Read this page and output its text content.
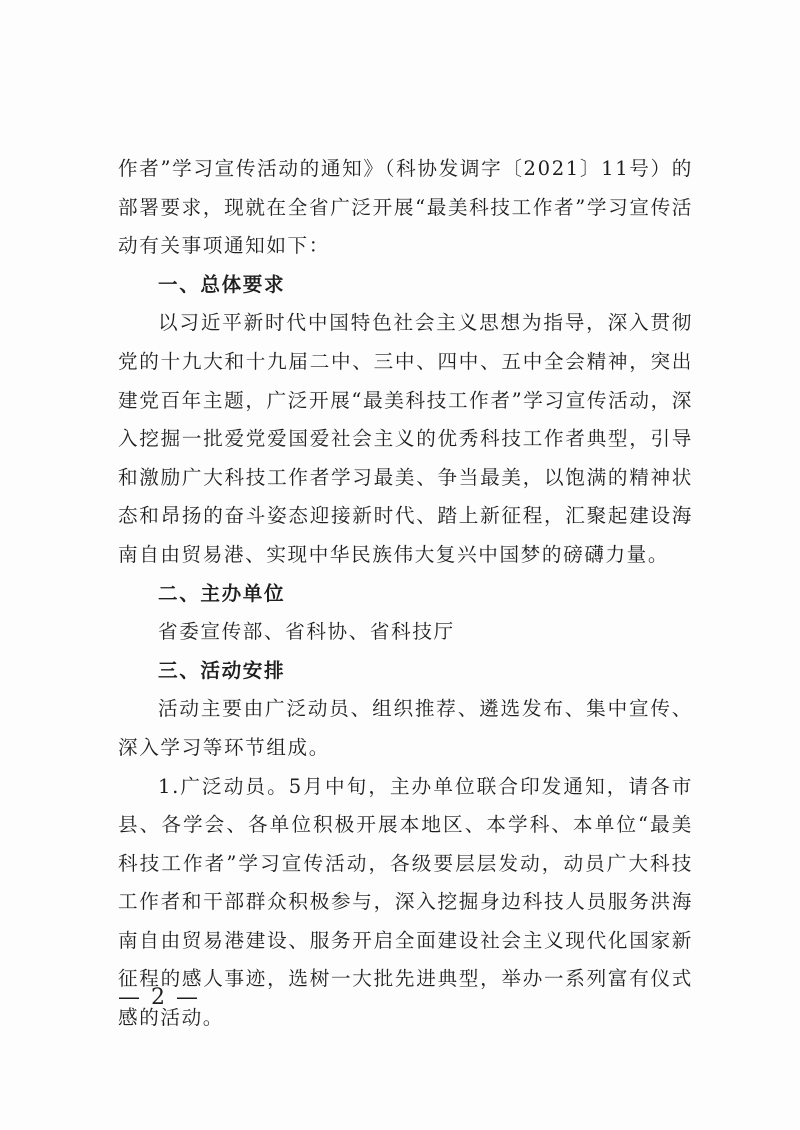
作者”学习宣传活动的通知》（科协发调字〔2021〕11号）的部署要求，现就在全省广泛开展“最美科技工作者”学习宣传活动有关事项通知如下：

一、总体要求

以习近平新时代中国特色社会主义思想为指导，深入贯彻党的十九大和十九届二中、三中、四中、五中全会精神，突出建党百年主题，广泛开展“最美科技工作者”学习宣传活动，深入挖掘一批爱党爱国爱社会主义的优秀科技工作者典型，引导和激励广大科技工作者学习最美、争当最美，以饱满的精神状态和昂扬的奋斗姿态迎接新时代、踏上新征程，汇聚起建设海南自由贸易港、实现中华民族伟大复兴中国梦的磅礴力量。

二、主办单位

省委宣传部、省科协、省科技厅

三、活动安排

活动主要由广泛动员、组织推荐、遴选发布、集中宣传、深入学习等环节组成。

1.广泛动员。5月中旬，主办单位联合印发通知，请各市县、各学会、各单位积极开展本地区、本学科、本单位“最美科技工作者”学习宣传活动，各级要层层发动，动员广大科技工作者和干部群众积极参与，深入挖掘身边科技人员服务洪海南自由贸易港建设、服务开启全面建设社会主义现代化国家新征程的感人事迹，选树一大批先进典型，举办一系列富有仪式感的活动。

— 2 —
